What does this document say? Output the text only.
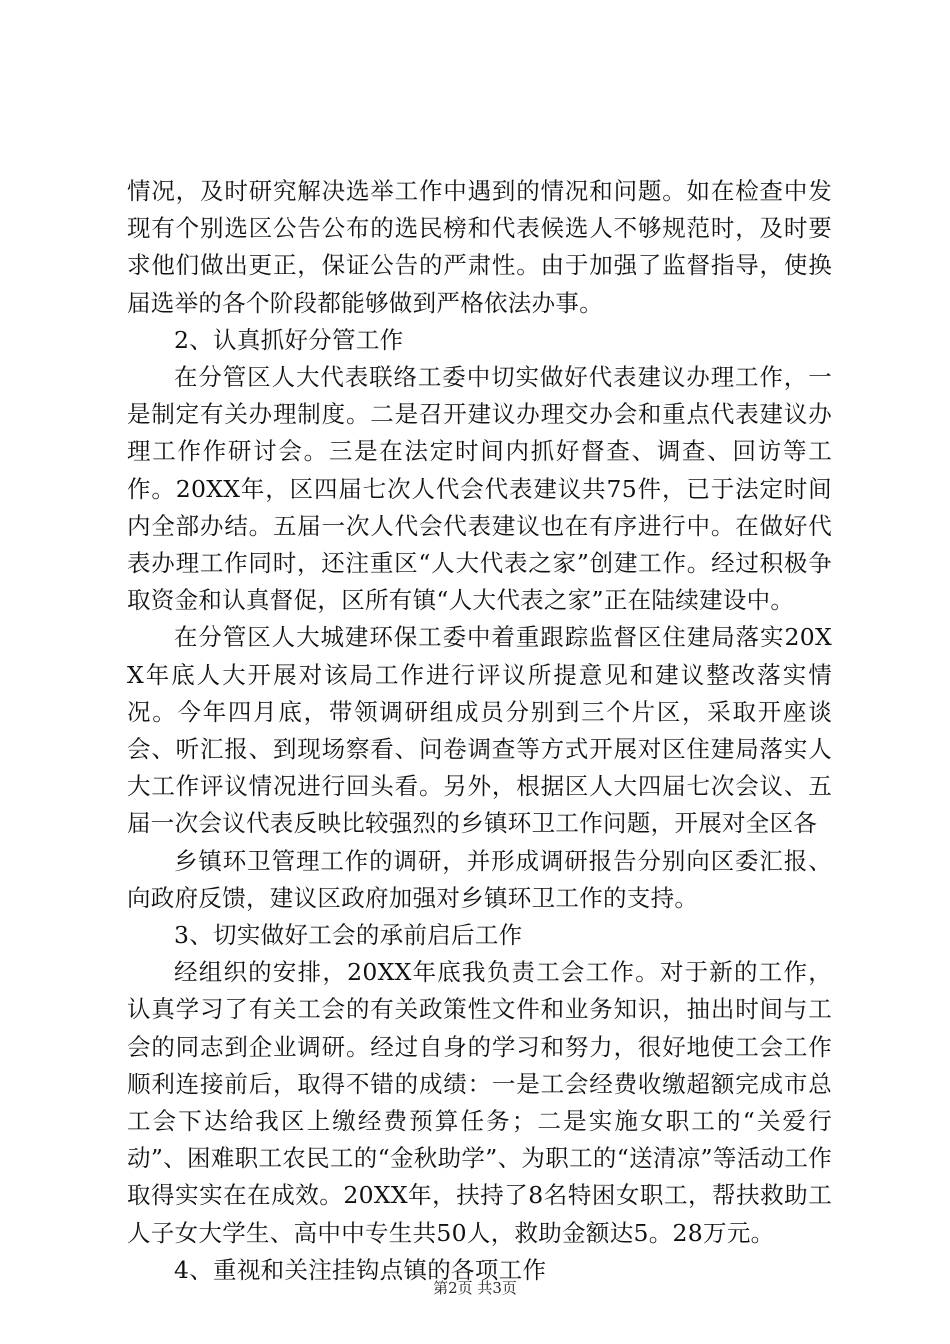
情况，及时研究解决选举工作中遇到的情况和问题。如在检查中发现有个别选区公告公布的选民榜和代表候选人不够规范时，及时要求他们做出更正，保证公告的严肃性。由于加强了监督指导，使换届选举的各个阶段都能够做到严格依法办事。

2、认真抓好分管工作

在分管区人大代表联络工委中切实做好代表建议办理工作，一是制定有关办理制度。二是召开建议办理交办会和重点代表建议办理工作作研讨会。三是在法定时间内抓好督查、调查、回访等工作。20XX年，区四届七次人代会代表建议共75件，已于法定时间内全部办结。五届一次人代会代表建议也在有序进行中。在做好代表办理工作同时，还注重区“人大代表之家”创建工作。经过积极争取资金和认真督促，区所有镇“人大代表之家”正在陆续建设中。

在分管区人大城建环保工委中着重跟踪监督区住建局落实20XX年底人大开展对该局工作进行评议所提意见和建议整改落实情况。今年四月底，带领调研组成员分别到三个片区，采取开座谈会、听汇报、到现场察看、问卷调查等方式开展对区住建局落实人大工作评议情况进行回头看。另外，根据区人大四届七次会议、五届一次会议代表反映比较强烈的乡镇环卫工作问题，开展对全区各

乡镇环卫管理工作的调研，并形成调研报告分别向区委汇报、向政府反馈，建议区政府加强对乡镇环卫工作的支持。

3、切实做好工会的承前启后工作

经组织的安排，20XX年底我负责工会工作。对于新的工作，认真学习了有关工会的有关政策性文件和业务知识，抽出时间与工会的同志到企业调研。经过自身的学习和努力，很好地使工会工作顺利连接前后，取得不错的成绩：一是工会经费收缴超额完成市总工会下达给我区上缴经费预算任务；二是实施女职工的“关爱行动”、困难职工农民工的“金秋助学”、为职工的“送清凉”等活动工作取得实实在在成效。20XX年，扶持了8名特困女职工，帮扶救助工人子女大学生、高中中专生共50人，救助金额达5。28万元。

4、重视和关注挂钩点镇的各项工作

第2页 共3页
